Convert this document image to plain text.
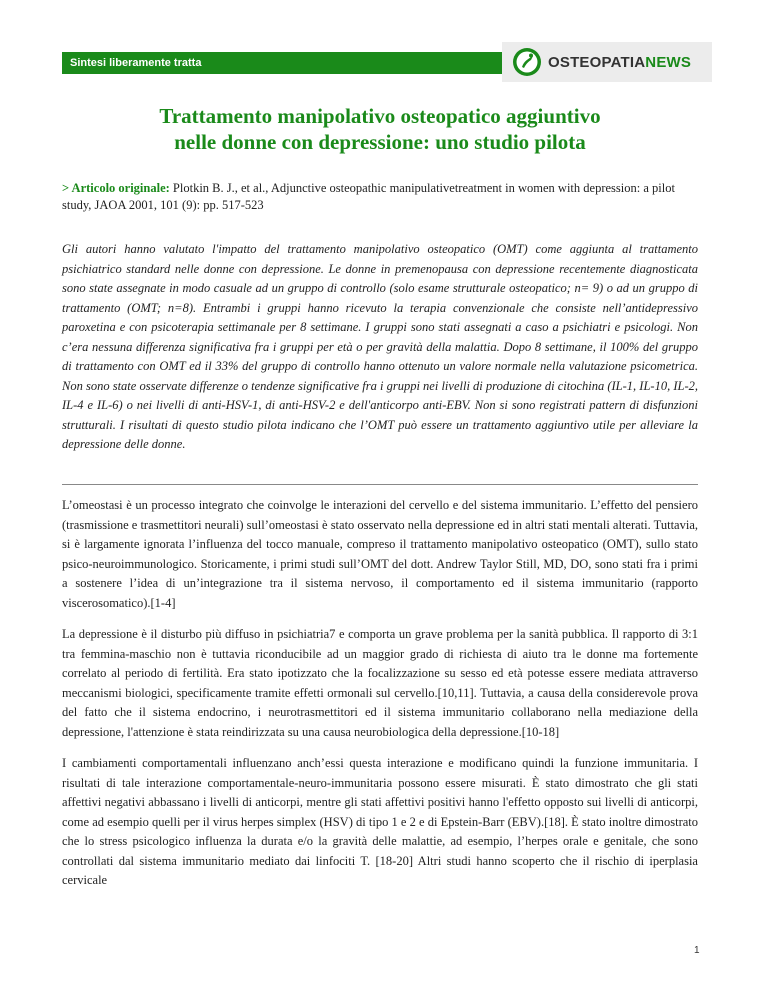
Sintesi liberamente tratta	OSTEOPATIANEWS
Trattamento manipolativo osteopatico aggiuntivo
nelle donne con depressione: uno studio pilota

> Articolo originale: Plotkin B. J., et al., Adjunctive osteopathic manipulativetreatment in women with depression: a pilot study, JAOA 2001, 101 (9): pp. 517-523

Gli autori hanno valutato l'impatto del trattamento manipolativo osteopatico (OMT) come aggiunta al trattamento psichiatrico standard nelle donne con depressione. Le donne in premenopausa con depressione recentemente diagnosticata sono state assegnate in modo casuale ad un gruppo di controllo (solo esame strutturale osteopatico; n= 9) o ad un gruppo di trattamento (OMT; n=8). Entrambi i gruppi hanno ricevuto la terapia convenzionale che consiste nell’antidepressivo paroxetina e con psicoterapia settimanale per 8 settimane. I gruppi sono stati assegnati a caso a psichiatri e psicologi. Non c’era nessuna differenza significativa fra i gruppi per età o per gravità della malattia. Dopo 8 settimane, il 100% del gruppo di trattamento con OMT ed il 33% del gruppo di controllo hanno ottenuto un valore normale nella valutazione psicometrica. Non sono state osservate differenze o tendenze significative fra i gruppi nei livelli di produzione di citochina (IL-1, IL-10, IL-2, IL-4 e IL-6) o nei livelli di anti-HSV-1, di anti-HSV-2 e dell'anticorpo anti-EBV. Non si sono registrati pattern di disfunzioni strutturali. I risultati di questo studio pilota indicano che l’OMT può essere un trattamento aggiuntivo utile per alleviare la depressione delle donne.

L’omeostasi è un processo integrato che coinvolge le interazioni del cervello e del sistema immunitario. L’effetto del pensiero (trasmissione e trasmettitori neurali) sull’omeostasi è stato osservato nella depressione ed in altri stati mentali alterati. Tuttavia, si è largamente ignorata l’influenza del tocco manuale, compreso il trattamento manipolativo osteopatico (OMT), sullo stato psico-neuroimmunologico. Storicamente, i primi studi sull’OMT del dott. Andrew Taylor Still, MD, DO, sono stati fra i primi a sostenere l’idea di un’integrazione tra il sistema nervoso, il comportamento ed il sistema immunitario (rapporto viscerosomatico).[1-4]

La depressione è il disturbo più diffuso in psichiatria7 e comporta un grave problema per la sanità pubblica. Il rapporto di 3:1 tra femmina-maschio non è tuttavia riconducibile ad un maggior grado di richiesta di aiuto tra le donne ma fortemente correlato al periodo di fertilità. Era stato ipotizzato che la focalizzazione su sesso ed età potesse essere mediata attraverso meccanismi biologici, specificamente tramite effetti ormonali sul cervello.[10,11]. Tuttavia, a causa della considerevole prova del fatto che il sistema endocrino, i neurotrasmettitori ed il sistema immunitario collaborano nella mediazione della depressione, l'attenzione è stata reindirizzata su una causa neurobiologica della depressione.[10-18]

I cambiamenti comportamentali influenzano anch’essi questa interazione e modificano quindi la funzione immunitaria. I risultati di tale interazione comportamentale-neuro-immunitaria possono essere misurati. È stato dimostrato che gli stati affettivi negativi abbassano i livelli di anticorpi, mentre gli stati affettivi positivi hanno l'effetto opposto sui livelli di anticorpi, come ad esempio quelli per il virus herpes simplex (HSV) di tipo 1 e 2 e di Epstein-Barr (EBV).[18]. È stato inoltre dimostrato che lo stress psicologico influenza la durata e/o la gravità delle malattie, ad esempio, l’herpes orale e genitale, che sono controllati dal sistema immunitario mediato dai linfociti T. [18-20] Altri studi hanno scoperto che il rischio di iperplasia cervicale

1
